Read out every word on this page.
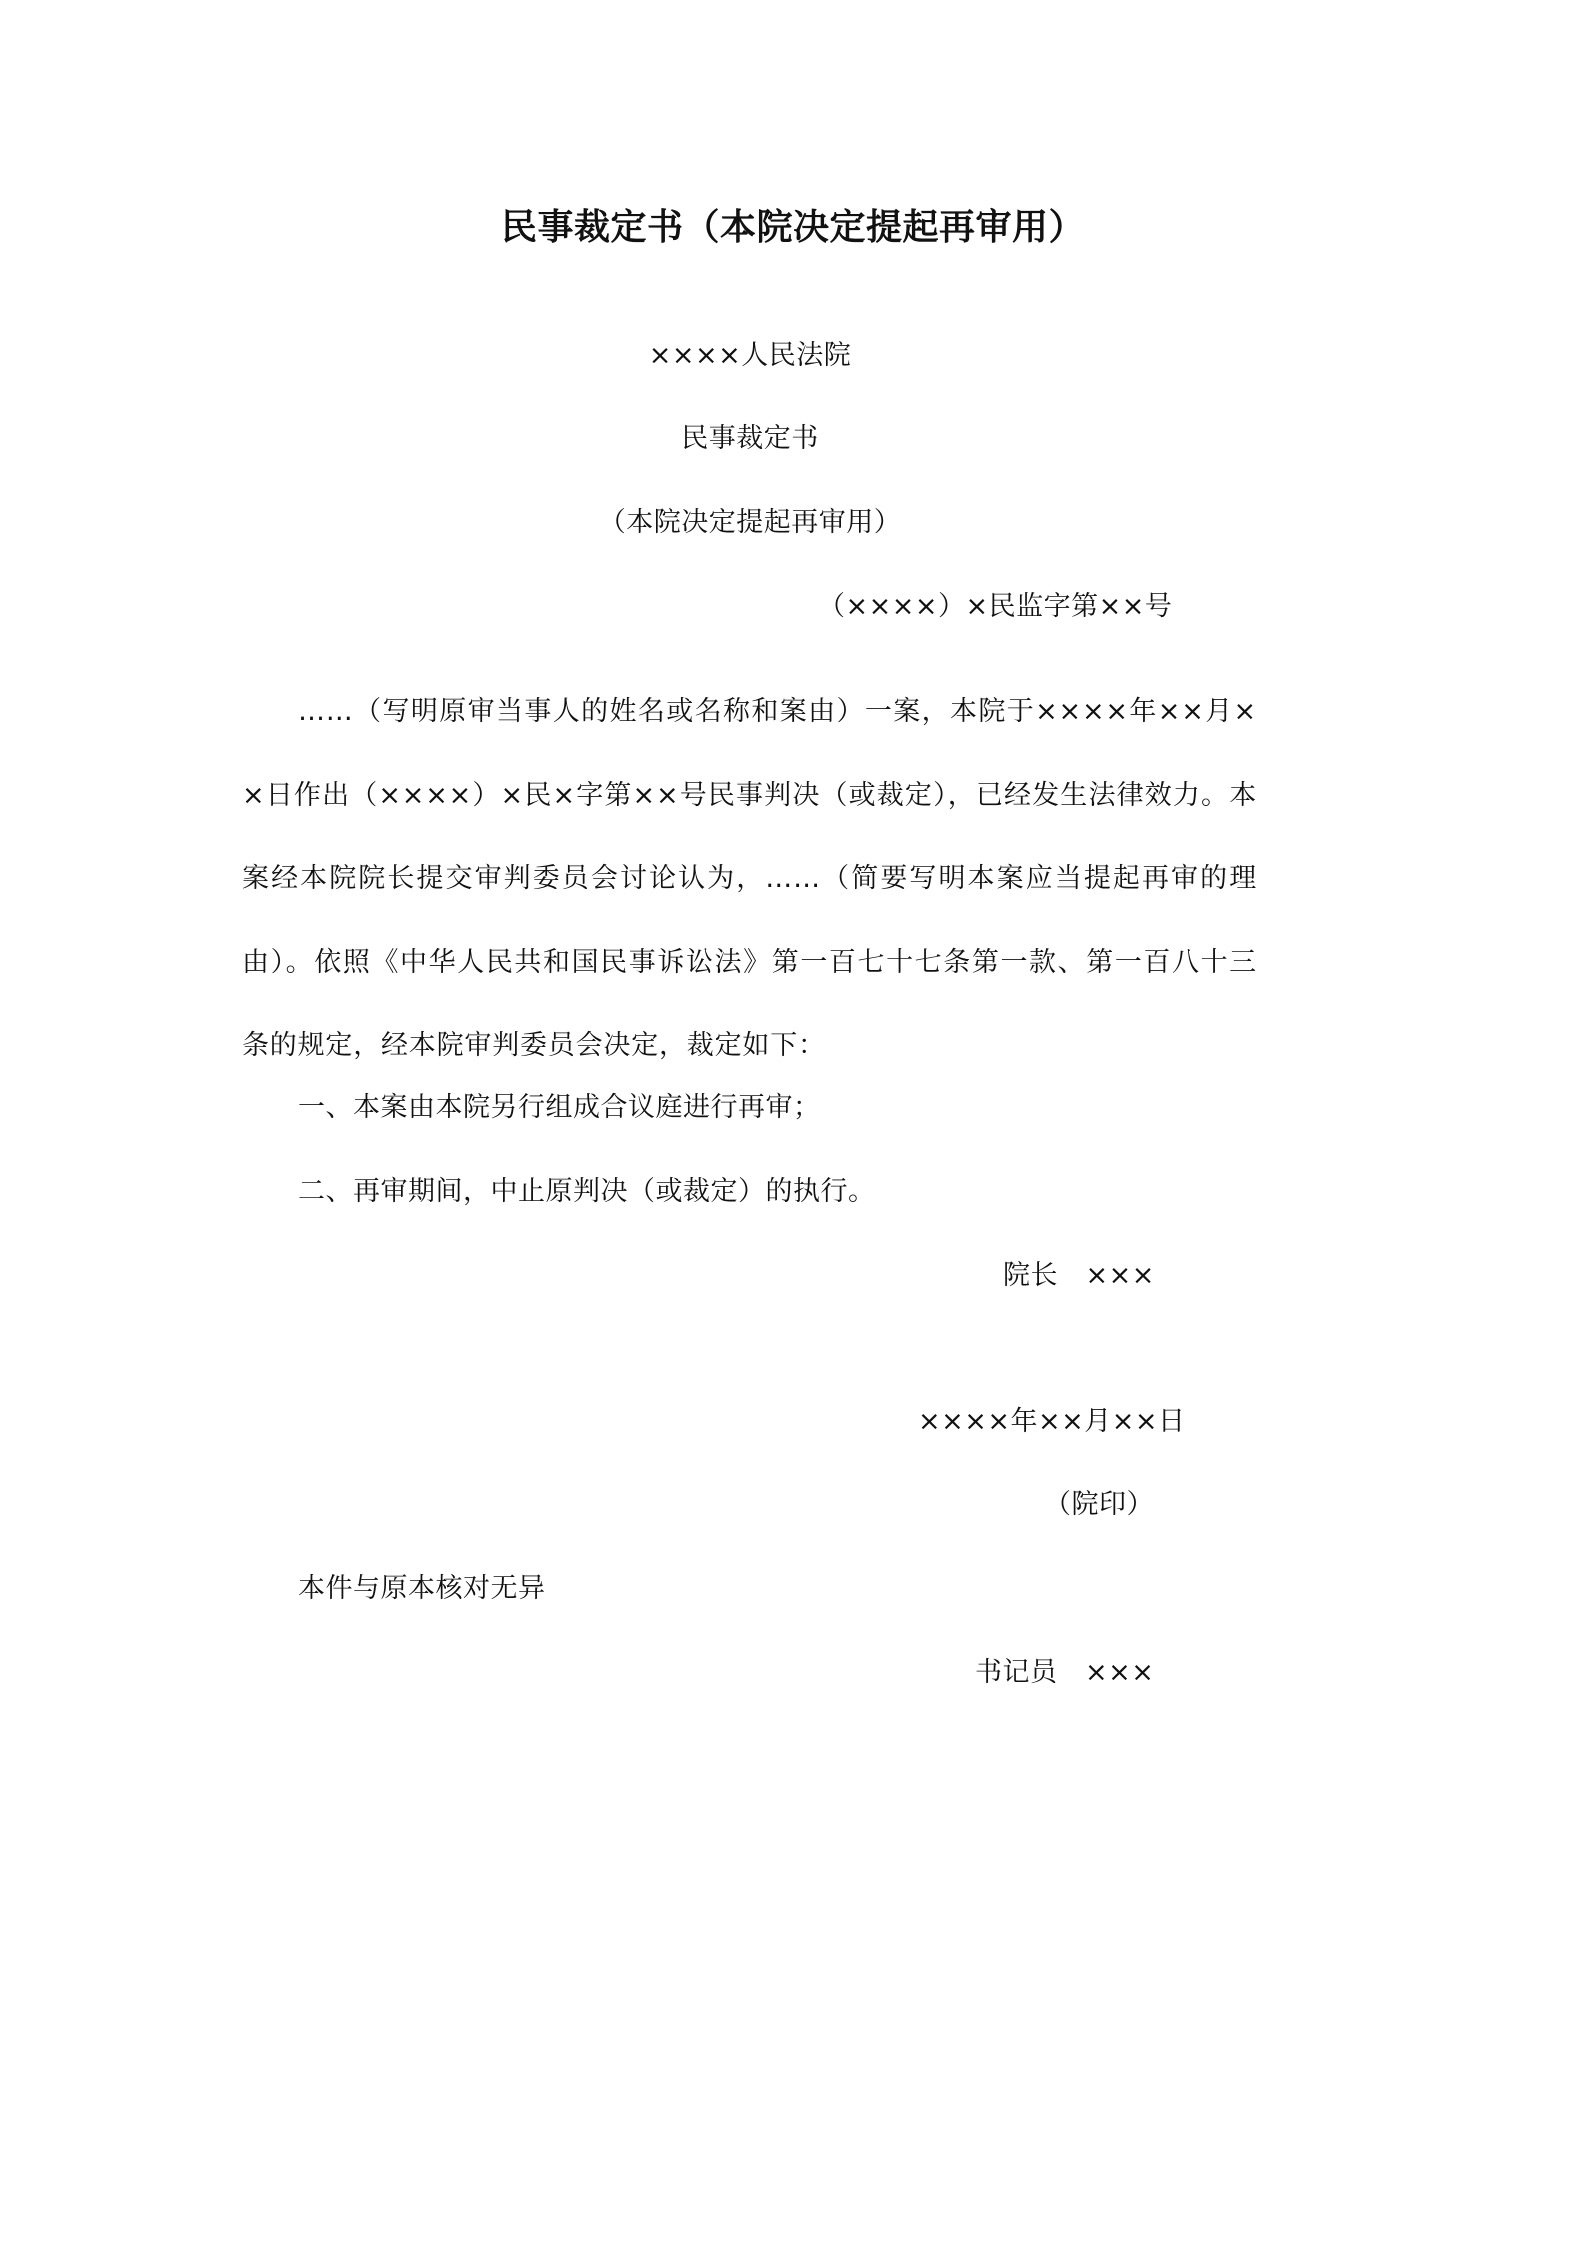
民事裁定书（本院决定提起再审用）
××××人民法院
民事裁定书
（本院决定提起再审用）
（××××）×民监字第××号
……（写明原审当事人的姓名或名称和案由）一案，本院于××××年××月××日作出（××××）×民×字第××号民事判决（或裁定），已经发生法律效力。本案经本院院长提交审判委员会讨论认为，……（简要写明本案应当提起再审的理由）。依照《中华人民共和国民事诉讼法》第一百七十七条第一款、第一百八十三条的规定，经本院审判委员会决定，裁定如下：
一、本案由本院另行组成合议庭进行再审；
二、再审期间，中止原判决（或裁定）的执行。
院长　×××
××××年××月××日
（院印）
本件与原本核对无异
书记员　×××
